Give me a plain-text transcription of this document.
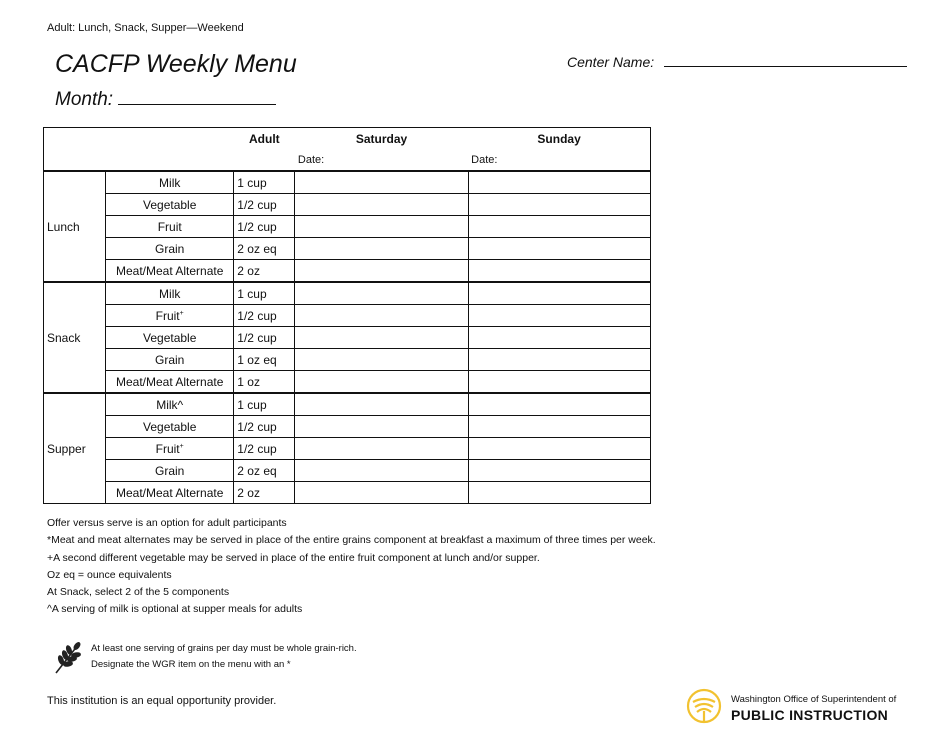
Adult: Lunch, Snack, Supper—Weekend
CACFP Weekly Menu
Month:
Center Name:
		Adult	Saturday	Sunday
			Date:	Date:
Lunch	Milk	1 cup		
	Vegetable	1/2 cup		
	Fruit	1/2 cup		
	Grain	2 oz eq		
	Meat/Meat Alternate	2 oz		
Snack	Milk	1 cup		
	Fruit+	1/2 cup		
	Vegetable	1/2 cup		
	Grain	1 oz eq		
	Meat/Meat Alternate	1 oz		
Supper	Milk^	1 cup		
	Vegetable	1/2 cup		
	Fruit+	1/2 cup		
	Grain	2 oz eq		
	Meat/Meat Alternate	2 oz		
Offer versus serve is an option for adult participants
*Meat and meat alternates may be served in place of the entire grains component at breakfast a maximum of three times per week.
+A second different vegetable may be served in place of the entire fruit component at lunch and/or supper.
Oz eq = ounce equivalents
At Snack, select 2 of the 5 components
^A serving of milk is optional at supper meals for adults
At least one serving of grains per day must be whole grain-rich.
Designate the WGR item on the menu with an *
This institution is an equal opportunity provider.	Washington Office of Superintendent of
PUBLIC INSTRUCTION
